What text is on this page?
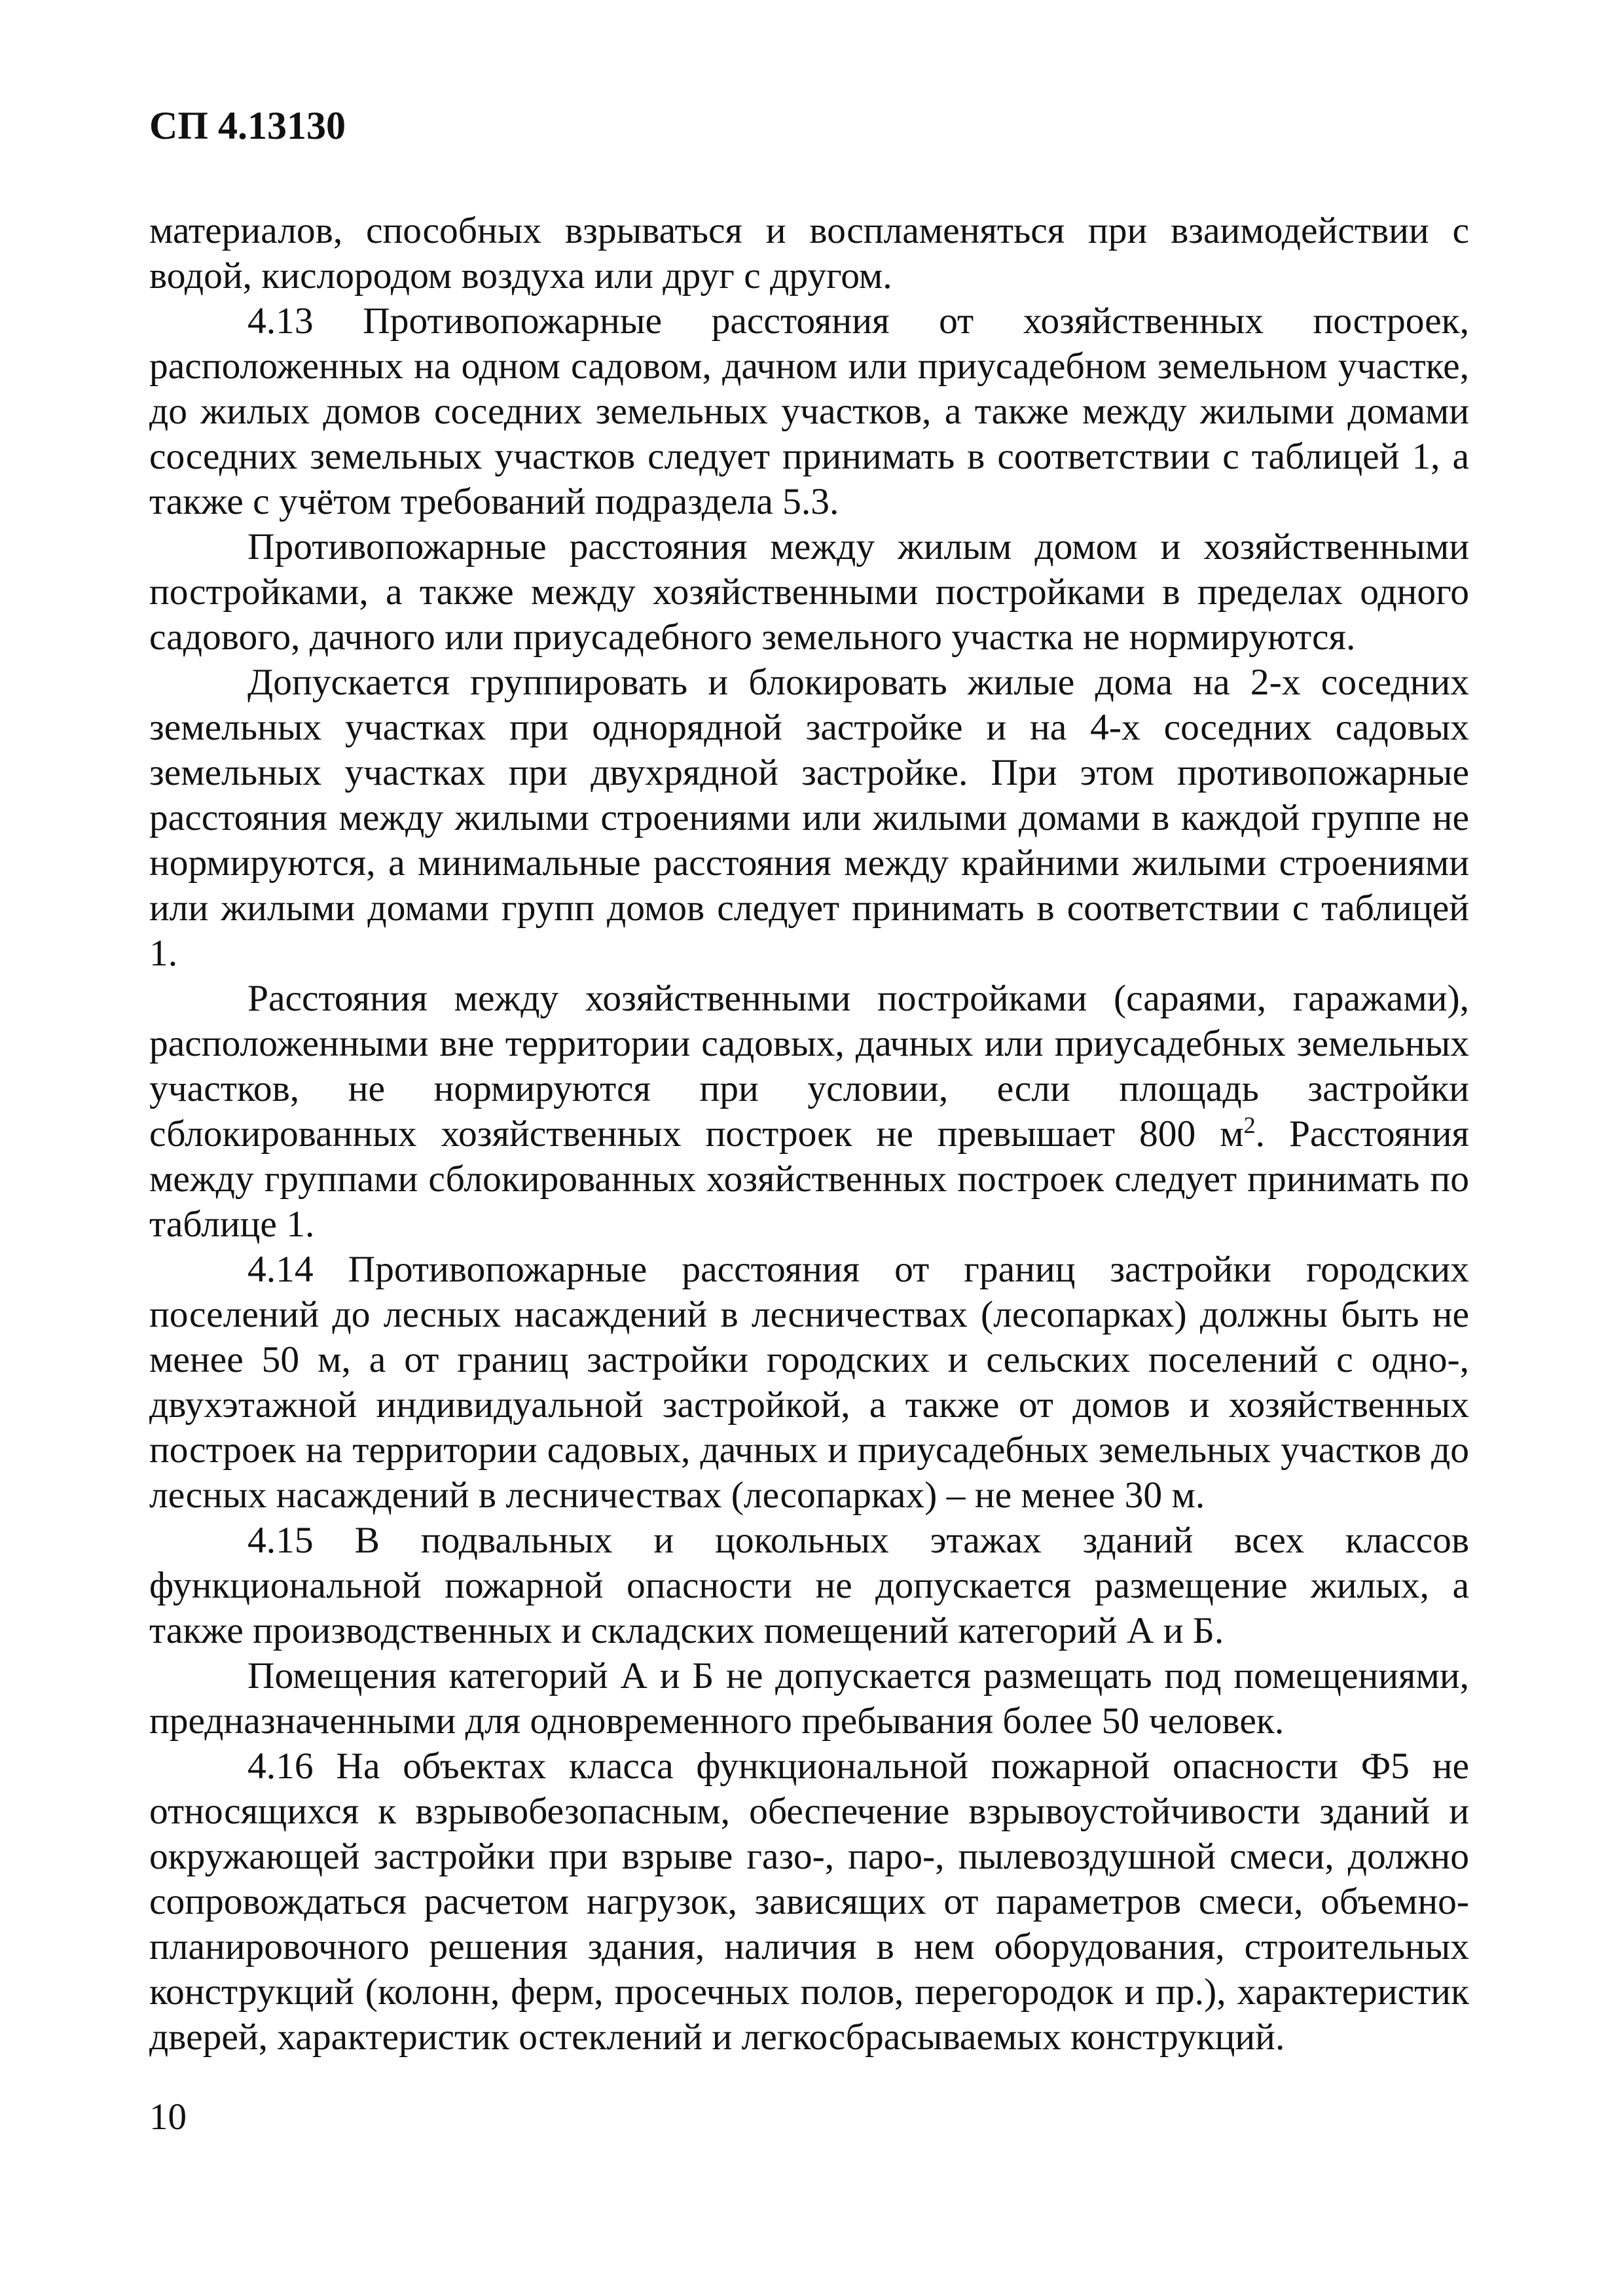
СП 4.13130

материалов, способных взрываться и воспламеняться при взаимодействии с водой, кислородом воздуха или друг с другом.

4.13 Противопожарные расстояния от хозяйственных построек, расположенных на одном садовом, дачном или приусадебном земельном участке, до жилых домов соседних земельных участков, а также между жилыми домами соседних земельных участков следует принимать в соответствии с таблицей 1, а также с учётом требований подраздела 5.3.

Противопожарные расстояния между жилым домом и хозяйственными постройками, а также между хозяйственными постройками в пределах одного садового, дачного или приусадебного земельного участка не нормируются.

Допускается группировать и блокировать жилые дома на 2-х соседних земельных участках при однорядной застройке и на 4-х соседних садовых земельных участках при двухрядной застройке. При этом противопожарные расстояния между жилыми строениями или жилыми домами в каждой группе не нормируются, а минимальные расстояния между крайними жилыми строениями или жилыми домами групп домов следует принимать в соответствии с таблицей 1.

Расстояния между хозяйственными постройками (сараями, гаражами), расположенными вне территории садовых, дачных или приусадебных земельных участков, не нормируются при условии, если площадь застройки сблокированных хозяйственных построек не превышает 800 $м^2$. Расстояния между группами сблокированных хозяйственных построек следует принимать по таблице 1.

4.14 Противопожарные расстояния от границ застройки городских поселений до лесных насаждений в лесничествах (лесопарках) должны быть не менее 50 м, а от границ застройки городских и сельских поселений с одно-, двухэтажной индивидуальной застройкой, а также от домов и хозяйственных построек на территории садовых, дачных и приусадебных земельных участков до лесных насаждений в лесничествах (лесопарках) – не менее 30 м.

4.15 В подвальных и цокольных этажах зданий всех классов функциональной пожарной опасности не допускается размещение жилых, а также производственных и складских помещений категорий А и Б.

Помещения категорий А и Б не допускается размещать под помещениями, предназначенными для одновременного пребывания более 50 человек.

4.16 На объектах класса функциональной пожарной опасности Ф5 не относящихся к взрывобезопасным, обеспечение взрывоустойчивости зданий и окружающей застройки при взрыве газо-, паро-, пылевоздушной смеси, должно сопровождаться расчетом нагрузок, зависящих от параметров смеси, объемно-планировочного решения здания, наличия в нем оборудования, строительных конструкций (колонн, ферм, просечных полов, перегородок и пр.), характеристик дверей, характеристик остеклений и легкосбрасываемых конструкций.

10
